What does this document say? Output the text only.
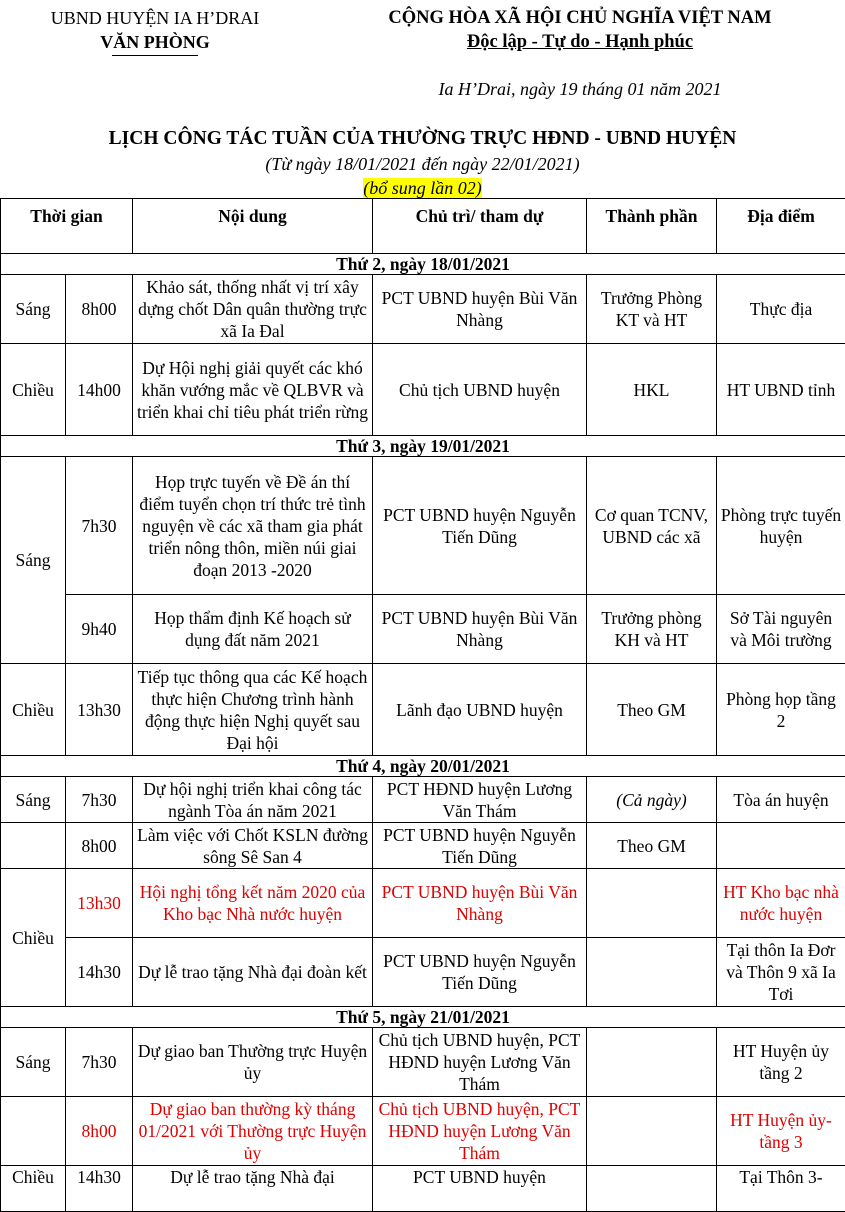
UBND HUYỆN IA H’DRAI
VĂN PHÒNG
CỘNG HÒA XÃ HỘI CHỦ NGHĨA VIỆT NAM
Độc lập - Tự do - Hạnh phúc
Ia H’Drai, ngày 19 tháng 01 năm 2021
LỊCH CÔNG TÁC TUẦN CỦA THƯỜNG TRỰC HĐND - UBND HUYỆN
(Từ ngày 18/01/2021 đến ngày 22/01/2021)
(bổ sung lần 02)
Thời gian		Nội dung	Chủ trì/ tham dự	Thành phần	Địa điểm
Thứ 2, ngày 18/01/2021					
Sáng	8h00	Khảo sát, thống nhất vị trí xây dựng chốt Dân quân thường trực xã Ia Đal	PCT UBND huyện Bùi Văn Nhàng	Trưởng Phòng KT và HT	Thực địa
Chiều	14h00	Dự Hội nghị giải quyết các khó khăn vướng mắc về QLBVR và triển khai chỉ tiêu phát triển rừng	Chủ tịch UBND huyện	HKL	HT UBND tỉnh
Thứ 3, ngày 19/01/2021					
Sáng	7h30	Họp trực tuyến về Đề án thí điểm tuyển chọn trí thức trẻ tình nguyện về các xã tham gia phát triển nông thôn, miền núi giai đoạn 2013 -2020	PCT UBND huyện Nguyễn Tiến Dũng	Cơ quan TCNV, UBND các xã	Phòng trực tuyến huyện
	9h40	Họp thẩm định Kế hoạch sử dụng đất năm 2021	PCT UBND huyện Bùi Văn Nhàng	Trưởng phòng KH và HT	Sở Tài nguyên và Môi trường
Chiều	13h30	Tiếp tục thông qua các Kế hoạch thực hiện Chương trình hành động thực hiện Nghị quyết sau Đại hội	Lãnh đạo UBND huyện	Theo GM	Phòng họp tầng 2
Thứ 4, ngày 20/01/2021					
Sáng	7h30	Dự hội nghị triển khai công tác ngành Tòa án năm 2021	PCT HĐND huyện Lương Văn Thám	(Cả ngày)	Tòa án huyện
	8h00	Làm việc với Chốt KSLN đường sông Sê San 4	PCT UBND huyện Nguyễn Tiến Dũng	Theo GM	
Chiều	13h30	Hội nghị tổng kết năm 2020 của Kho bạc Nhà nước huyện	PCT UBND huyện Bùi Văn Nhàng		HT Kho bạc nhà nước huyện
	14h30	Dự lễ trao tặng Nhà đại đoàn kết	PCT UBND huyện Nguyễn Tiến Dũng		Tại thôn Ia Đơr và Thôn 9 xã Ia Tơi
Thứ 5, ngày 21/01/2021					
Sáng	7h30	Dự giao ban Thường trực Huyện ủy	Chủ tịch UBND huyện, PCT HĐND huyện Lương Văn Thám		HT Huyện ủy tầng 2
	8h00	Dự giao ban thường kỳ tháng 01/2021 với Thường trực Huyện ủy	Chủ tịch UBND huyện, PCT HĐND huyện Lương Văn Thám		HT Huyện ủy- tầng 3
Chiều	14h30	Dự lễ trao tặng Nhà đại	PCT UBND huyện		Tại Thôn 3-
